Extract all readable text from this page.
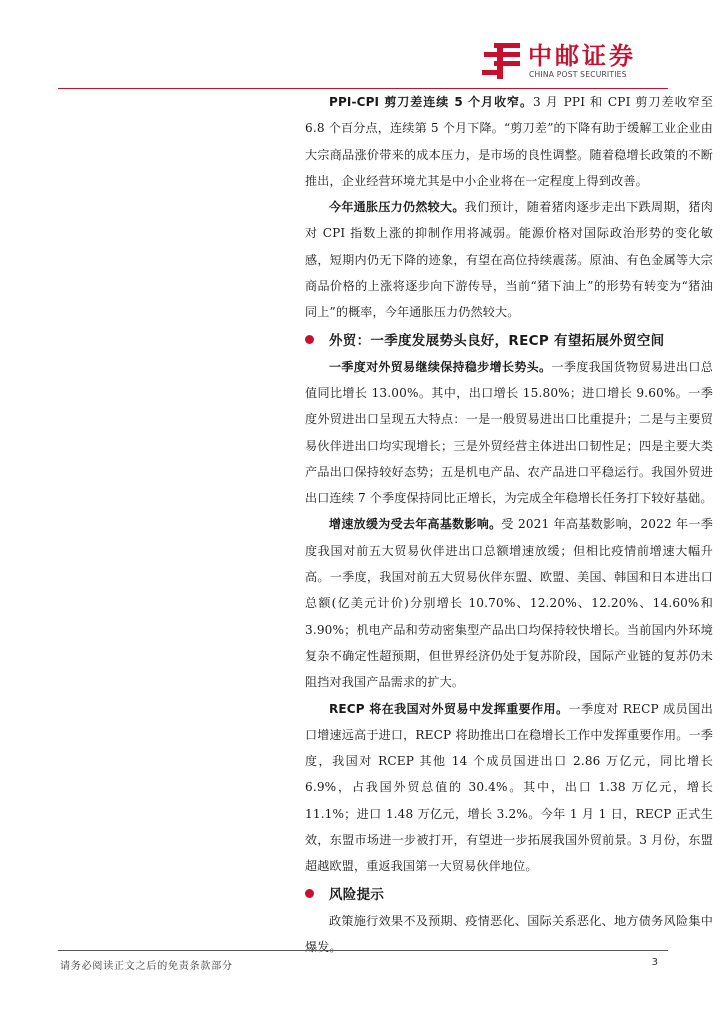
中邮证券
CHINA POST SECURITIES

PPI-CPI 剪刀差连续 5 个月收窄。3 月 PPI 和 CPI 剪刀差收窄至 6.8 个百分点，连续第 5 个月下降。“剪刀差”的下降有助于缓解工业企业由大宗商品涨价带来的成本压力，是市场的良性调整。随着稳增长政策的不断推出，企业经营环境尤其是中小企业将在一定程度上得到改善。

今年通胀压力仍然较大。我们预计，随着猪肉逐步走出下跌周期，猪肉对 CPI 指数上涨的抑制作用将减弱。能源价格对国际政治形势的变化敏感，短期内仍无下降的迹象，有望在高位持续震荡。原油、有色金属等大宗商品价格的上涨将逐步向下游传导，当前“猪下油上”的形势有转变为“猪油同上”的概率，今年通胀压力仍然较大。

外贸：一季度发展势头良好，RECP 有望拓展外贸空间

一季度对外贸易继续保持稳步增长势头。一季度我国货物贸易进出口总值同比增长 13.00%。其中，出口增长 15.80%；进口增长 9.60%。一季度外贸进出口呈现五大特点：一是一般贸易进出口比重提升；二是与主要贸易伙伴进出口均实现增长；三是外贸经营主体进出口韧性足；四是主要大类产品出口保持较好态势；五是机电产品、农产品进口平稳运行。我国外贸进出口连续 7 个季度保持同比正增长，为完成全年稳增长任务打下较好基础。

增速放缓为受去年高基数影响。受 2021 年高基数影响，2022 年一季度我国对前五大贸易伙伴进出口总额增速放缓；但相比疫情前增速大幅升高。一季度，我国对前五大贸易伙伴东盟、欧盟、美国、韩国和日本进出口总额(亿美元计价)分别增长 10.70%、12.20%、12.20%、14.60%和 3.90%；机电产品和劳动密集型产品出口均保持较快增长。当前国内外环境复杂不确定性超预期，但世界经济仍处于复苏阶段，国际产业链的复苏仍未阻挡对我国产品需求的扩大。

RECP 将在我国对外贸易中发挥重要作用。一季度对 RECP 成员国出口增速远高于进口，RECP 将助推出口在稳增长工作中发挥重要作用。一季度，我国对 RCEP 其他 14 个成员国进出口 2.86 万亿元，同比增长 6.9%，占我国外贸总值的 30.4%。其中，出口 1.38 万亿元，增长 11.1%；进口 1.48 万亿元，增长 3.2%。今年 1 月 1 日，RECP 正式生效，东盟市场进一步被打开，有望进一步拓展我国外贸前景。3 月份，东盟超越欧盟，重返我国第一大贸易伙伴地位。

风险提示

政策施行效果不及预期、疫情恶化、国际关系恶化、地方债务风险集中爆发。

请务必阅读正文之后的免责条款部分	3
